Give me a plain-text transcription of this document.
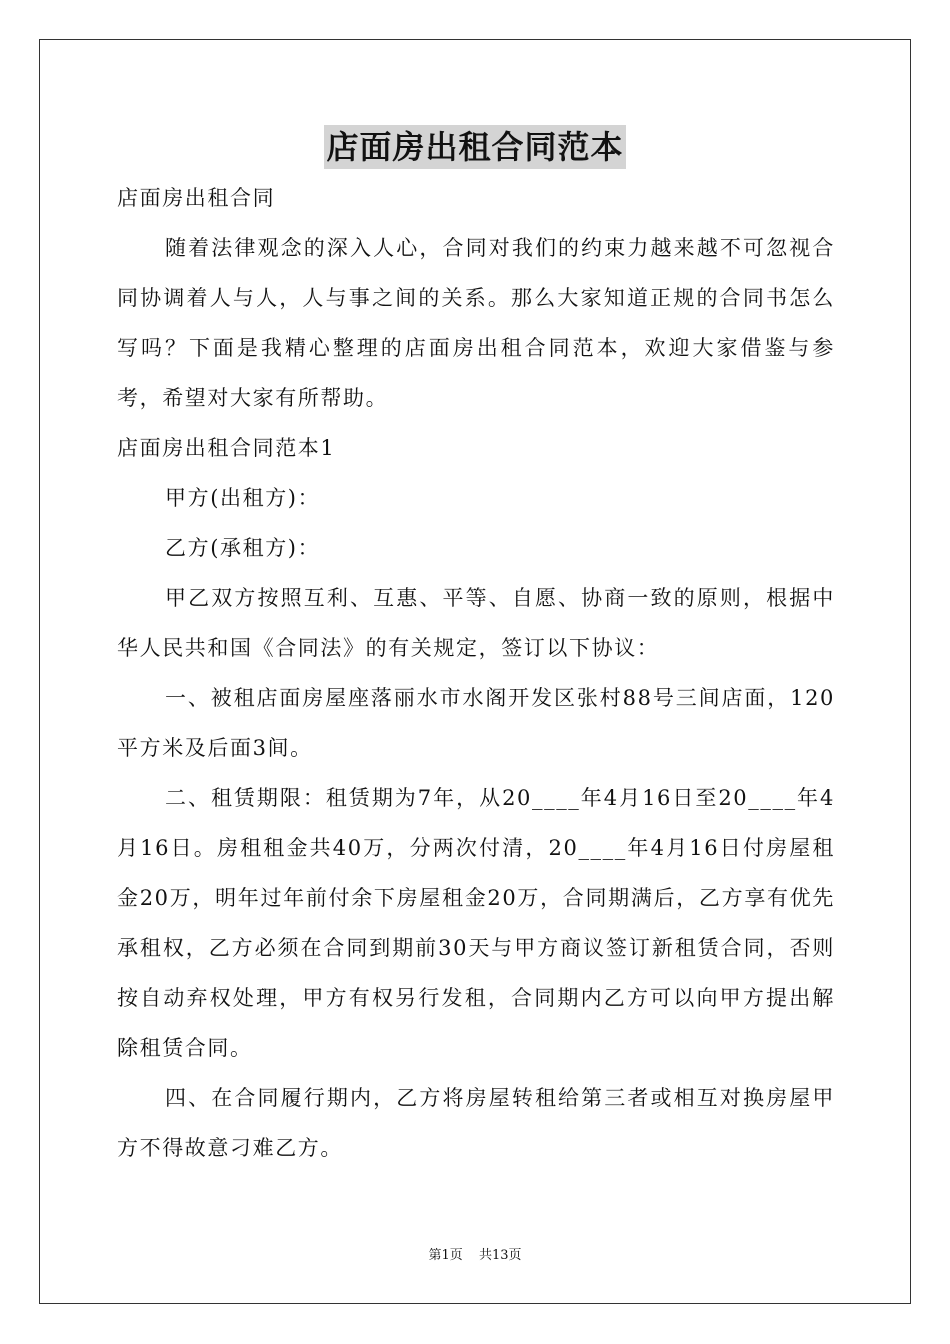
店面房出租合同范本

店面房出租合同

随着法律观念的深入人心，合同对我们的约束力越来越不可忽视合同协调着人与人，人与事之间的关系。那么大家知道正规的合同书怎么写吗？下面是我精心整理的店面房出租合同范本，欢迎大家借鉴与参考，希望对大家有所帮助。

店面房出租合同范本1

甲方(出租方)：

乙方(承租方)：

甲乙双方按照互利、互惠、平等、自愿、协商一致的原则，根据中华人民共和国《合同法》的有关规定，签订以下协议：

一、被租店面房屋座落丽水市水阁开发区张村88号三间店面，120平方米及后面3间。

二、租赁期限：租赁期为7年，从20____年4月16日至20____年4月16日。房租租金共40万，分两次付清，20____年4月16日付房屋租金20万，明年过年前付余下房屋租金20万，合同期满后，乙方享有优先承租权，乙方必须在合同到期前30天与甲方商议签订新租赁合同，否则按自动弃权处理，甲方有权另行发租，合同期内乙方可以向甲方提出解除租赁合同。

四、在合同履行期内，乙方将房屋转租给第三者或相互对换房屋甲方不得故意刁难乙方。

第1页 共13页
